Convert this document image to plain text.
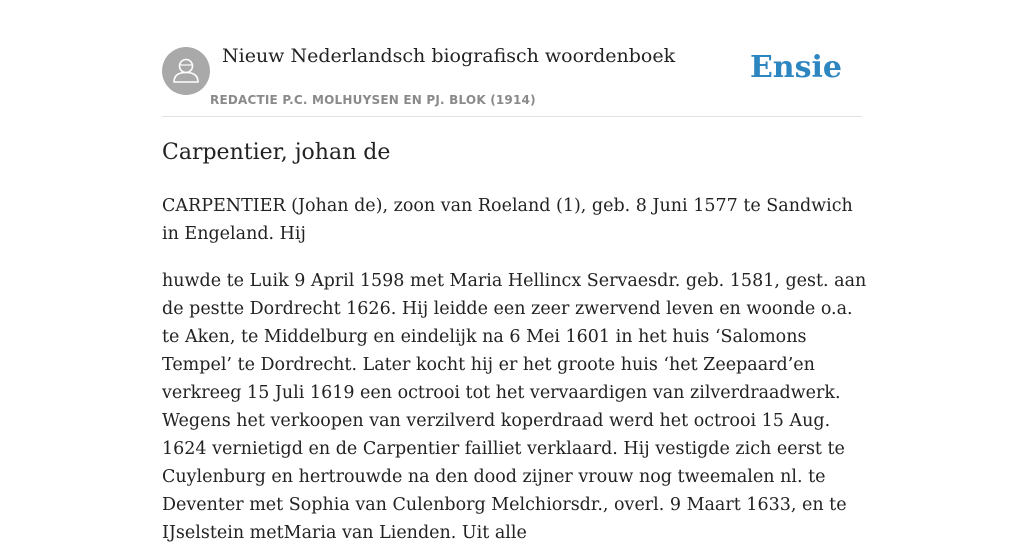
Nieuw Nederlandsch biografisch woordenboek
REDACTIE P.C. MOLHUYSEN EN PJ. BLOK (1914)
Ensie
Carpentier, johan de

CARPENTIER (Johan de), zoon van Roeland (1), geb. 8 Juni 1577 te Sandwich in Engeland. Hij

huwde te Luik 9 April 1598 met Maria Hellincx Servaesdr. geb. 1581, gest. aan de pestte Dordrecht 1626. Hij leidde een zeer zwervend leven en woonde o.a. te Aken, te Middelburg en eindelijk na 6 Mei 1601 in het huis ‘Salomons Tempel’ te Dordrecht. Later kocht hij er het groote huis ‘het Zeepaard’en verkreeg 15 Juli 1619 een octrooi tot het vervaardigen van zilverdraadwerk. Wegens het verkoopen van verzilverd koperdraad werd het octrooi 15 Aug. 1624 vernietigd en de Carpentier failliet verklaard. Hij vestigde zich eerst te Cuylenburg en hertrouwde na den dood zijner vrouw nog tweemalen nl. te Deventer met Sophia van Culenborg Melchiorsdr., overl. 9 Maart 1633, en te IJselstein metMaria van Lienden. Uit alle
